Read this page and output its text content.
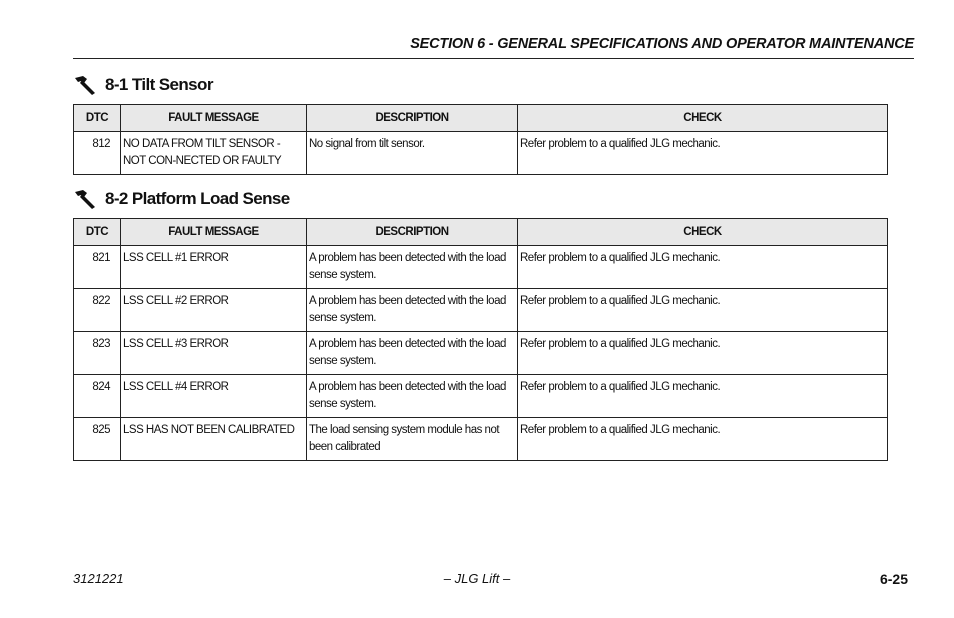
SECTION 6 - GENERAL SPECIFICATIONS AND OPERATOR MAINTENANCE
8-1 Tilt Sensor
DTC	FAULT MESSAGE	DESCRIPTION	CHECK
812	NO DATA FROM TILT SENSOR - NOT CON-NECTED OR FAULTY	No signal from tilt sensor.	Refer problem to a qualified JLG mechanic.
8-2 Platform Load Sense
DTC	FAULT MESSAGE	DESCRIPTION	CHECK
821	LSS CELL #1 ERROR	A problem has been detected with the load sense system.	Refer problem to a qualified JLG mechanic.
822	LSS CELL #2 ERROR	A problem has been detected with the load sense system.	Refer problem to a qualified JLG mechanic.
823	LSS CELL #3 ERROR	A problem has been detected with the load sense system.	Refer problem to a qualified JLG mechanic.
824	LSS CELL #4 ERROR	A problem has been detected with the load sense system.	Refer problem to a qualified JLG mechanic.
825	LSS HAS NOT BEEN CALIBRATED	The load sensing system module has not been calibrated	Refer problem to a qualified JLG mechanic.
3121221	– JLG Lift –	6-25
